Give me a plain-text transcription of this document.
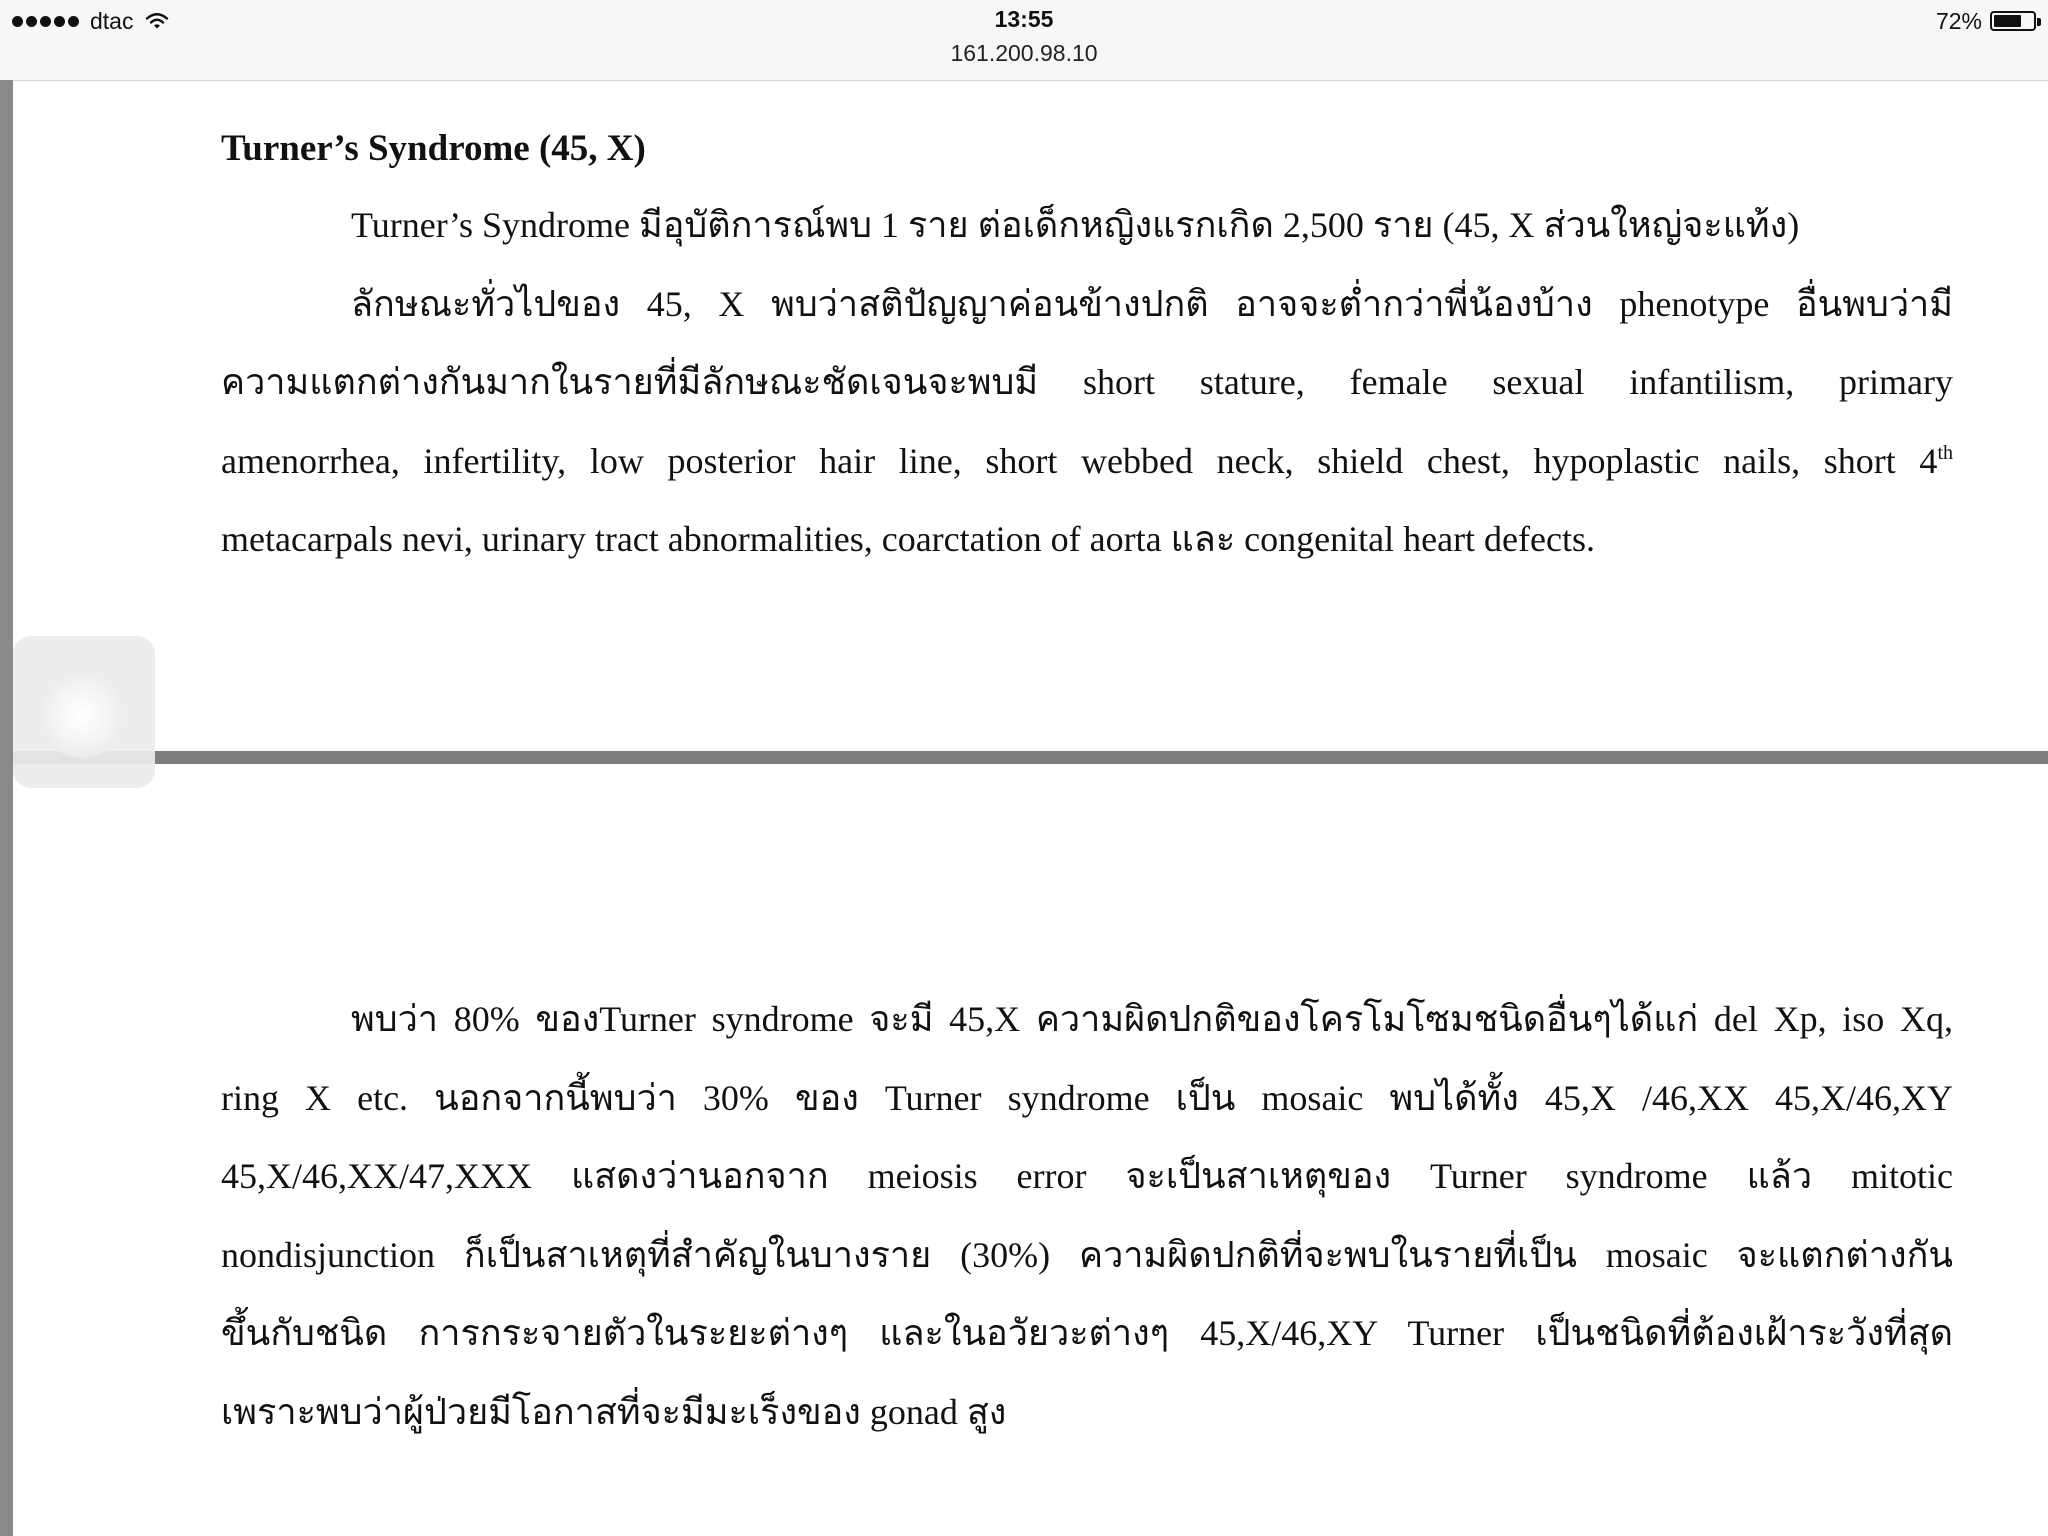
dtac	13:55
161.200.98.10
72%
Turner’s Syndrome (45, X)
Turner’s Syndrome มีอุบัติการณ์พบ 1 ราย ต่อเด็กหญิงแรกเกิด 2,500 ราย (45, X ส่วนใหญ่จะแท้ง)
ลักษณะทั่วไปของ 45, X พบว่าสติปัญญาค่อนข้างปกติ อาจจะต่ำกว่าพี่น้องบ้าง phenotype อื่นพบว่ามี
ความแตกต่างกันมากในรายที่มีลักษณะชัดเจนจะพบมี short stature, female sexual infantilism, primary
amenorrhea, infertility, low posterior hair line, short webbed neck, shield chest, hypoplastic nails, short 4th
metacarpals nevi, urinary tract abnormalities, coarctation of aorta และ congenital heart defects.
พบว่า 80% ของTurner syndrome จะมี 45,X ความผิดปกติของโครโมโซมชนิดอื่นๆได้แก่ del Xp, iso Xq,
ring X etc. นอกจากนี้พบว่า 30% ของ Turner syndrome เป็น mosaic พบได้ทั้ง 45,X /46,XX 45,X/46,XY
45,X/46,XX/47,XXX แสดงว่านอกจาก meiosis error จะเป็นสาเหตุของ Turner syndrome แล้ว mitotic
nondisjunction ก็เป็นสาเหตุที่สำคัญในบางราย (30%) ความผิดปกติที่จะพบในรายที่เป็น mosaic จะแตกต่างกัน
ขึ้นกับชนิด การกระจายตัวในระยะต่างๆ และในอวัยวะต่างๆ 45,X/46,XY Turner เป็นชนิดที่ต้องเฝ้าระวังที่สุด
เพราะพบว่าผู้ป่วยมีโอกาสที่จะมีมะเร็งของ gonad สูง
